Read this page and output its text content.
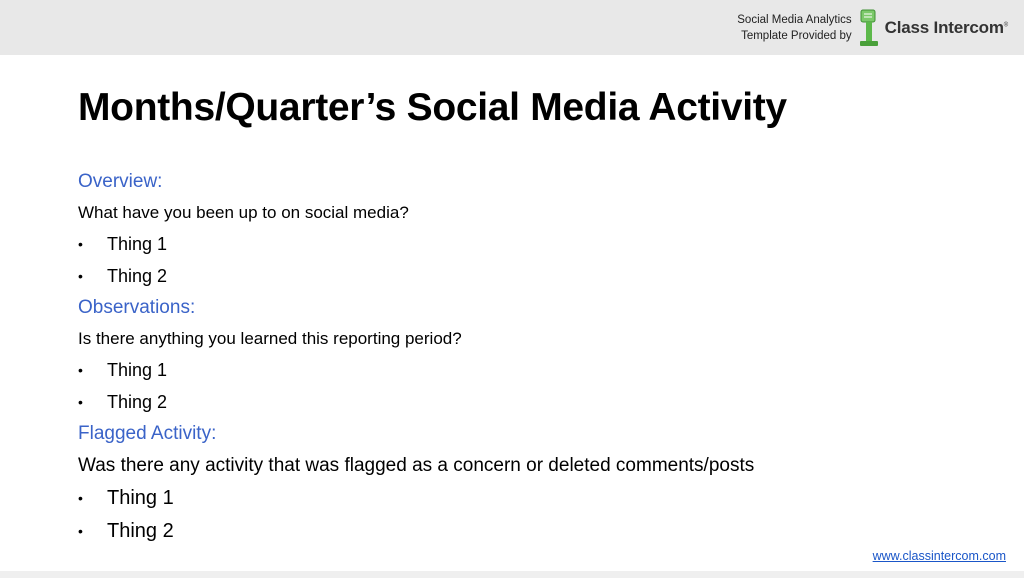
Social Media Analytics
Template Provided by Class Intercom®
Months/Quarter’s Social Media Activity
Overview:
What have you been up to on social media?
•	Thing 1
•	Thing 2
Observations:
Is there anything you learned this reporting period?
•	Thing 1
•	Thing 2
Flagged Activity:
Was there any activity that was flagged as a concern or deleted comments/posts
•	Thing 1
•	Thing 2
www.classintercom.com
